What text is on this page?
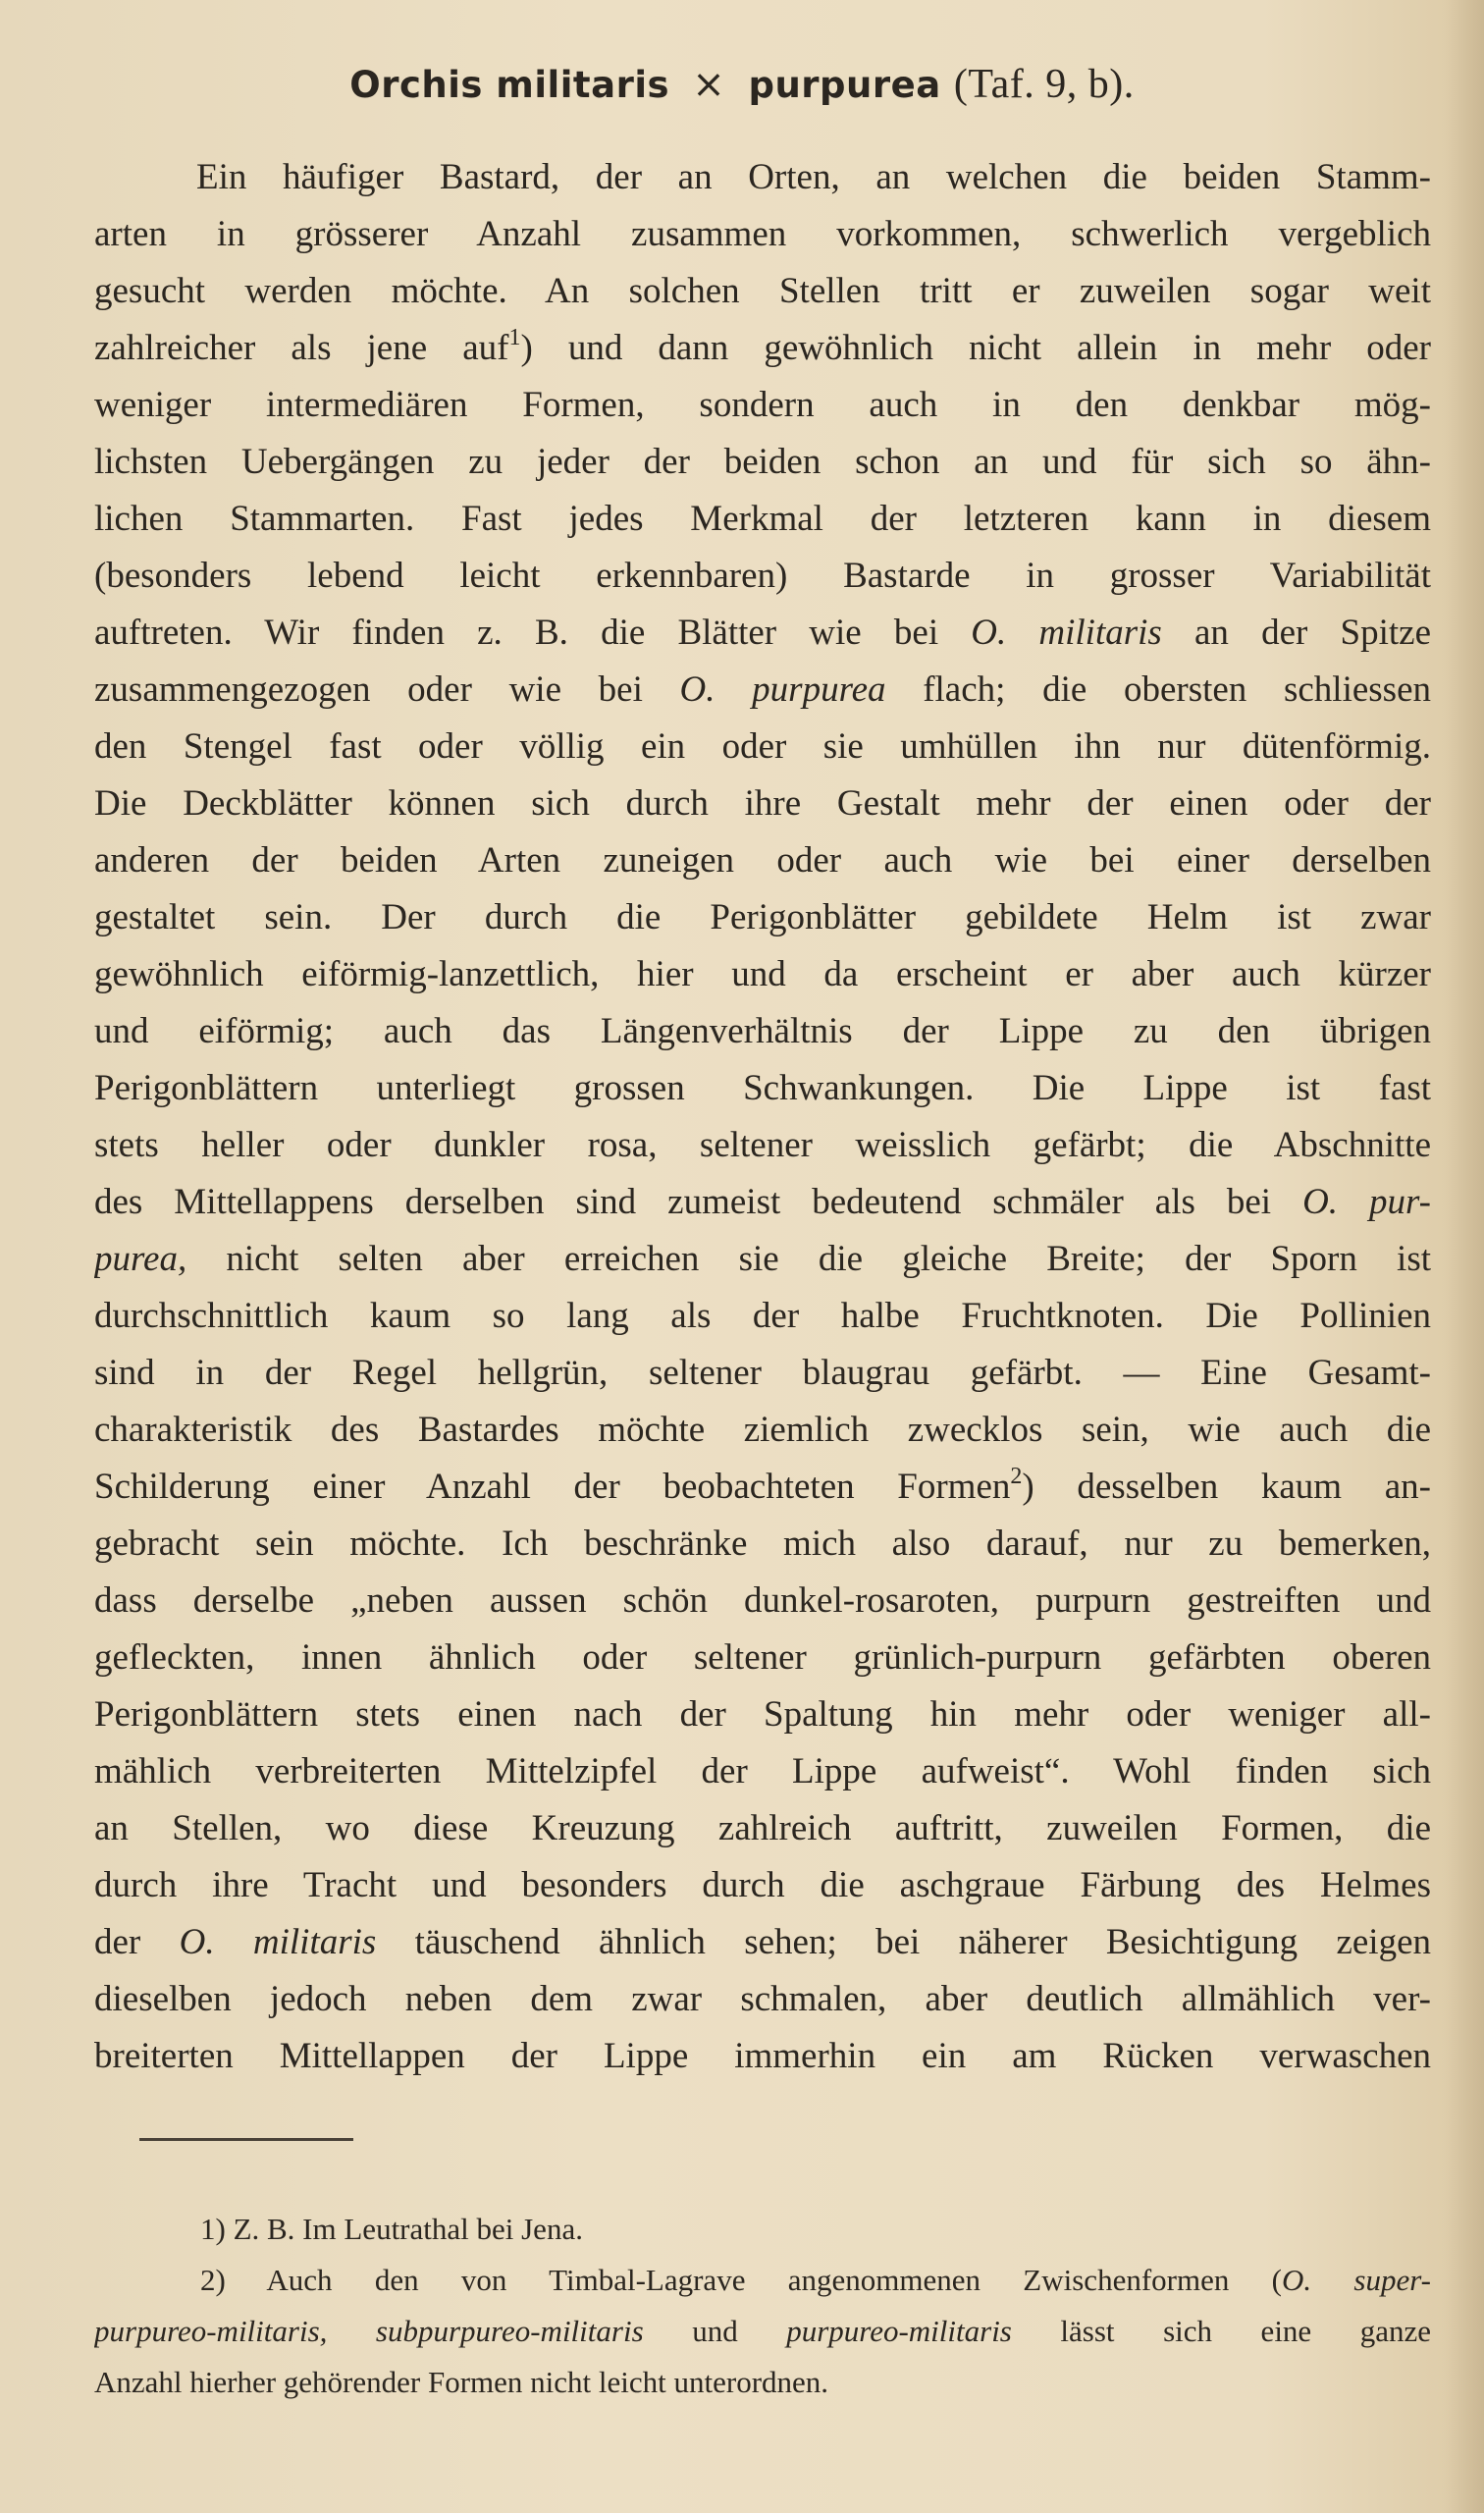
Orchis militaris ⨯ purpurea (Taf. 9, b).
Ein häufiger Bastard, der an Orten, an welchen die beiden Stamm-
arten in grösserer Anzahl zusammen vorkommen, schwerlich vergeblich
gesucht werden möchte. An solchen Stellen tritt er zuweilen sogar weit
zahlreicher als jene auf$^1$) und dann gewöhnlich nicht allein in mehr oder
weniger intermediären Formen, sondern auch in den denkbar mög-
lichsten Uebergängen zu jeder der beiden schon an und für sich so ähn-
lichen Stammarten. Fast jedes Merkmal der letzteren kann in diesem
(besonders lebend leicht erkennbaren) Bastarde in grosser Variabilität
auftreten. Wir finden z. B. die Blätter wie bei O. militaris an der Spitze
zusammengezogen oder wie bei O. purpurea flach; die obersten schliessen
den Stengel fast oder völlig ein oder sie umhüllen ihn nur dütenförmig.
Die Deckblätter können sich durch ihre Gestalt mehr der einen oder der
anderen der beiden Arten zuneigen oder auch wie bei einer derselben
gestaltet sein. Der durch die Perigonblätter gebildete Helm ist zwar
gewöhnlich eiförmig-lanzettlich, hier und da erscheint er aber auch kürzer
und eiförmig; auch das Längenverhältnis der Lippe zu den übrigen
Perigonblättern unterliegt grossen Schwankungen. Die Lippe ist fast
stets heller oder dunkler rosa, seltener weisslich gefärbt; die Abschnitte
des Mittellappens derselben sind zumeist bedeutend schmäler als bei O. pur-
purea, nicht selten aber erreichen sie die gleiche Breite; der Sporn ist
durchschnittlich kaum so lang als der halbe Fruchtknoten. Die Pollinien
sind in der Regel hellgrün, seltener blaugrau gefärbt. — Eine Gesamt-
charakteristik des Bastardes möchte ziemlich zwecklos sein, wie auch die
Schilderung einer Anzahl der beobachteten Formen$^2$) desselben kaum an-
gebracht sein möchte. Ich beschränke mich also darauf, nur zu bemerken,
dass derselbe „neben aussen schön dunkel-rosaroten, purpurn gestreiften und
gefleckten, innen ähnlich oder seltener grünlich-purpurn gefärbten oberen
Perigonblättern stets einen nach der Spaltung hin mehr oder weniger all-
mählich verbreiterten Mittelzipfel der Lippe aufweist“. Wohl finden sich
an Stellen, wo diese Kreuzung zahlreich auftritt, zuweilen Formen, die
durch ihre Tracht und besonders durch die aschgraue Färbung des Helmes
der O. militaris täuschend ähnlich sehen; bei näherer Besichtigung zeigen
dieselben jedoch neben dem zwar schmalen, aber deutlich allmählich ver-
breiterten Mittellappen der Lippe immerhin ein am Rücken verwaschen
1) Z. B. Im Leutrathal bei Jena.
2) Auch den von Timbal-Lagrave angenommenen Zwischenformen (O. super-
purpureo-militaris, subpurpureo-militaris und purpureo-militaris lässt sich eine ganze
Anzahl hierher gehörender Formen nicht leicht unterordnen.
